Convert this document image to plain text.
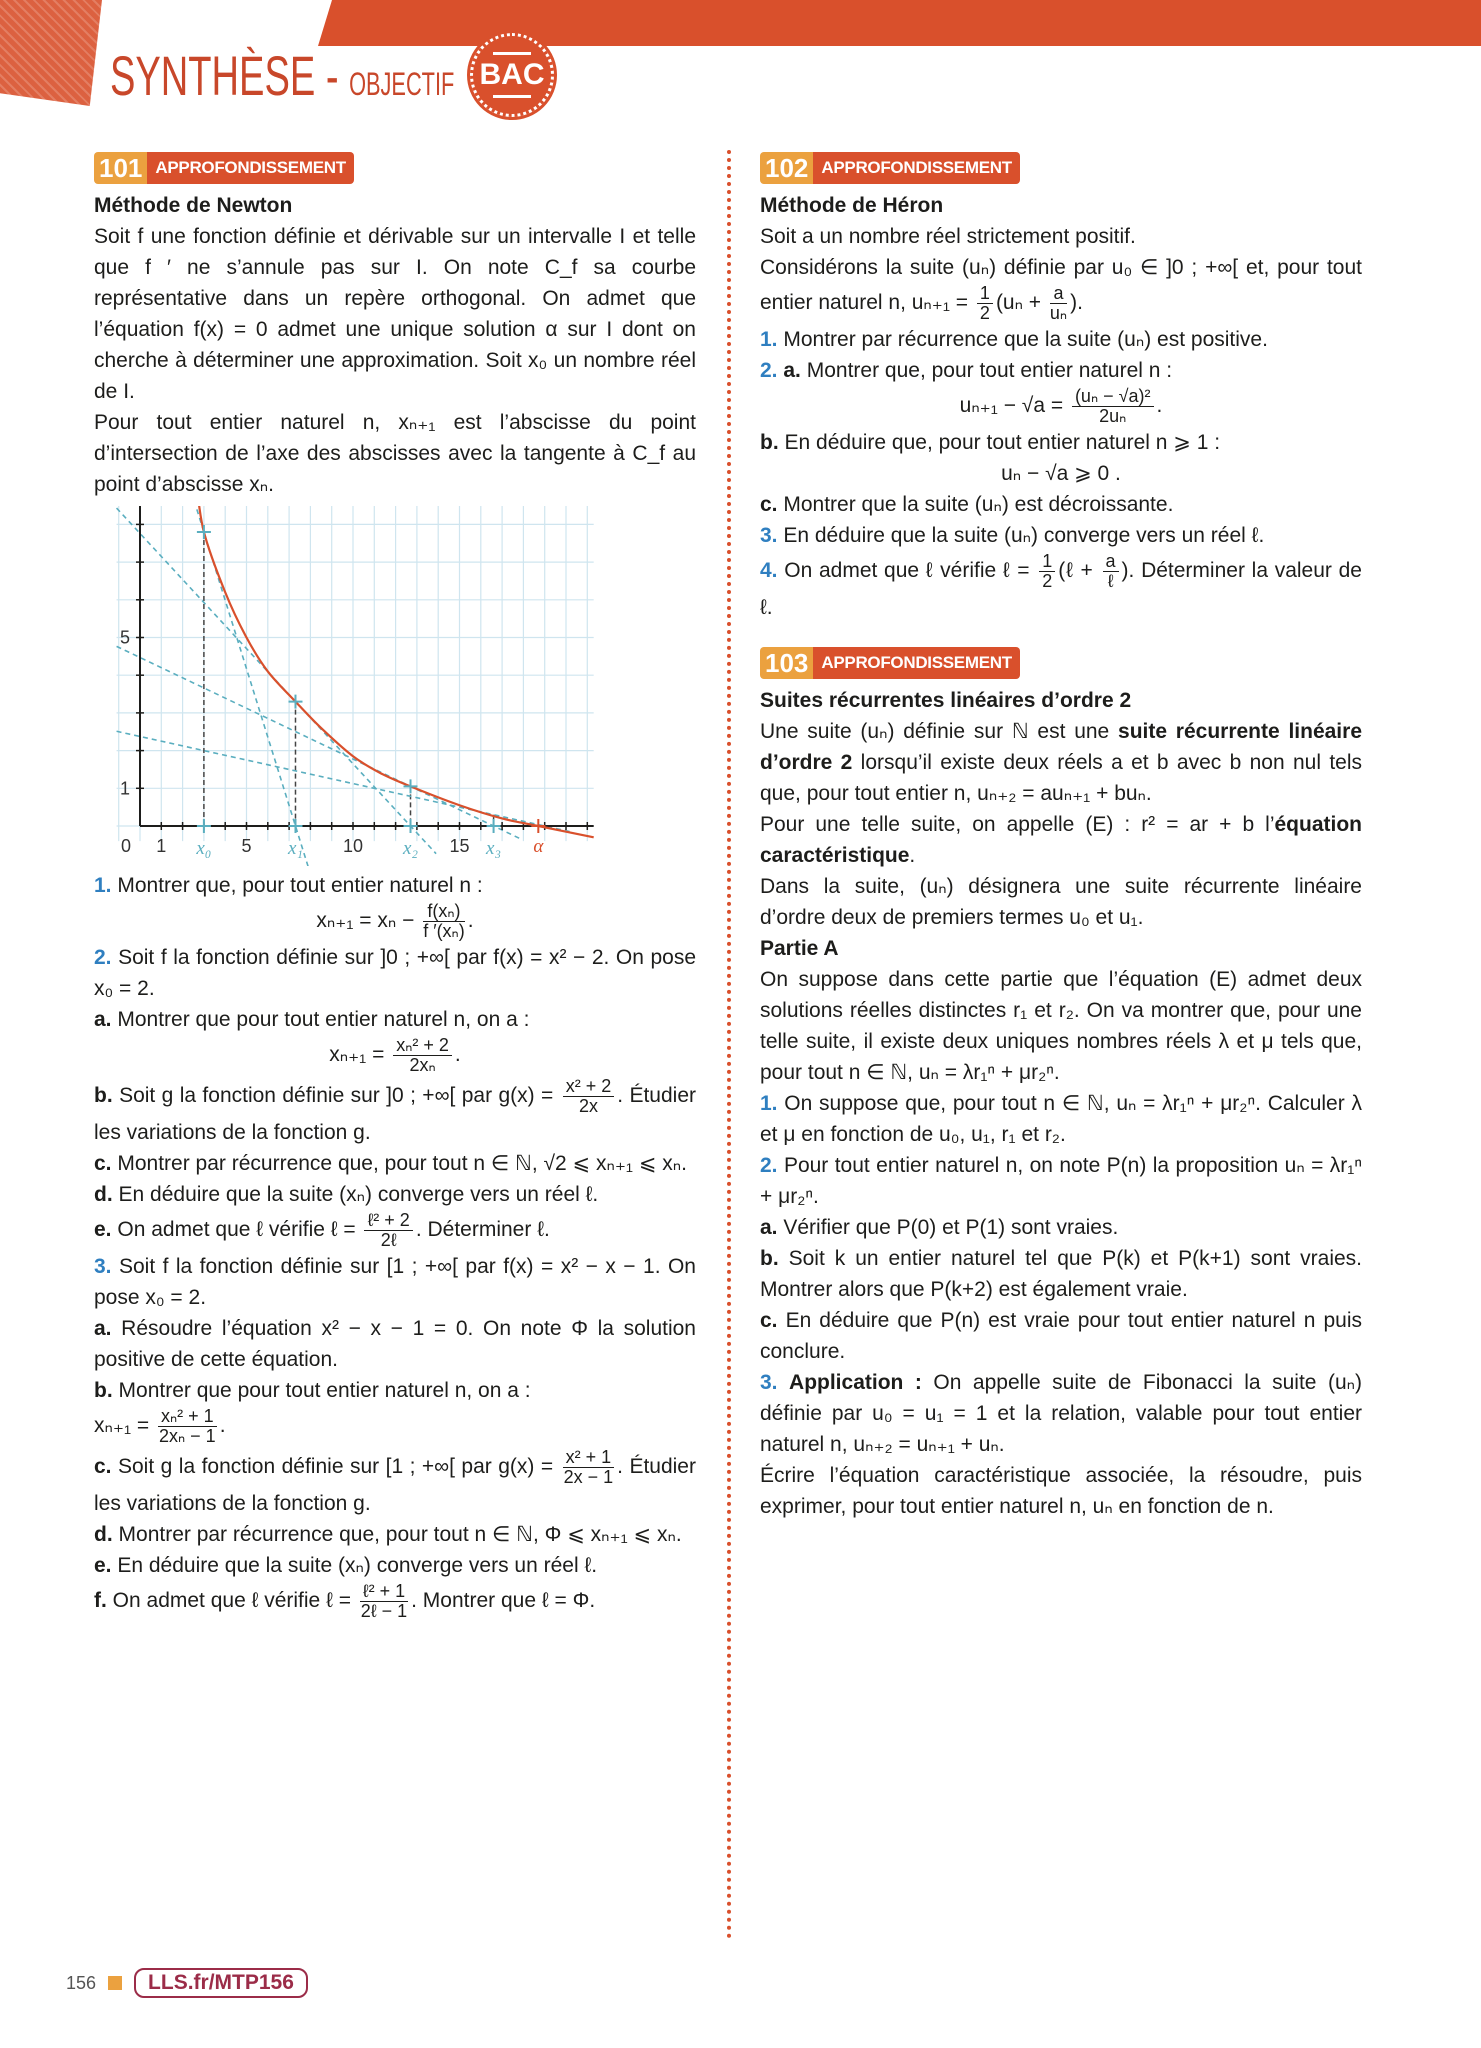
SYNTHÈSE - OBJECTIF BAC
101 APPROFONDISSEMENT
Méthode de Newton
Soit f une fonction définie et dérivable sur un intervalle I et telle que f ′ ne s’annule pas sur I. On note C_f sa courbe représentative dans un repère orthogonal. On admet que l’équation f(x) = 0 admet une unique solution α sur I dont on cherche à déterminer une approximation. Soit x₀ un nombre réel de I.
Pour tout entier naturel n, xₙ₊₁ est l’abscisse du point d’intersection de l’axe des abscisses avec la tangente à C_f au point d’abscisse xₙ.
x₀	x₁	x₂	x₃ α
0 1	5	10	15
1
5
1. Montrer que, pour tout entier naturel n :
$x_{n+1} = x_n - \frac{\text{f(xₙ)}}{\text{f ′(xₙ)}}$ .
2. Soit f la fonction définie sur ]0 ; +∞[ par f(x) = x² − 2. On pose x₀ = 2.
a. Montrer que pour tout entier naturel n, on a :
$x_{n+1} = \frac{\text{xₙ² + 2}}{\text{2xₙ}}$ .
b. Soit g la fonction définie sur ]0 ; +∞[ par $g(x) = \frac{\text{x² + 2}}{2x}$ . Étudier les variations de la fonction g.
c. Montrer par récurrence que, pour tout n ∈ ℕ, √2 ⩽ xₙ₊₁ ⩽ xₙ.
d. En déduire que la suite (xₙ) converge vers un réel ℓ.
e. On admet que ℓ vérifie ℓ = $\frac{\text{ℓ² + 2}}{\text{2ℓ}}$ . Déterminer ℓ.
3. Soit f la fonction définie sur [1 ; +∞[ par f(x) = x² − x − 1. On pose x₀ = 2.
a. Résoudre l’équation x² − x − 1 = 0. On note Φ la solution positive de cette équation.
b. Montrer que pour tout entier naturel n, on a :
$x_{n+1} = \frac{\text{xₙ² + 1}}{\text{2xₙ − 1}}$ .
c. Soit g la fonction définie sur [1 ; +∞[ par $g(x) = \frac{\text{x² + 1}}{2x - 1}$ . Étudier les variations de la fonction g.
d. Montrer par récurrence que, pour tout n ∈ ℕ, Φ ⩽ xₙ₊₁ ⩽ xₙ.
e. En déduire que la suite (xₙ) converge vers un réel ℓ.
f. On admet que ℓ vérifie ℓ = $\frac{\text{ℓ² + 1}}{\text{2ℓ − 1}}$ . Montrer que ℓ = Φ.
102 APPROFONDISSEMENT
Méthode de Héron
Soit a un nombre réel strictement positif.
Considérons la suite (uₙ) définie par u₀ ∈ ]0 ; +∞[ et, pour tout entier naturel n, $u_{n+1} = \frac{1}{2} (u_n + \frac{a}{\text{uₙ}}$ ).
1. Montrer par récurrence que la suite (uₙ) est positive.
2. a. Montrer que, pour tout entier naturel n :
$u_{n+1} - √a = \frac{\text{(uₙ − √a)²}}{\text{2uₙ}}$ .
b. En déduire que, pour tout entier naturel n ⩾ 1 :
uₙ − √a ⩾ 0 .
c. Montrer que la suite (uₙ) est décroissante.
3. En déduire que la suite (uₙ) converge vers un réel ℓ.
4. On admet que ℓ vérifie ℓ = $\frac{1}{2}$ (ℓ + $\frac{a}{\text{ℓ}}$ ). Déterminer la valeur de ℓ.
103 APPROFONDISSEMENT
Suites récurrentes linéaires d’ordre 2
Une suite (uₙ) définie sur ℕ est une suite récurrente linéaire d’ordre 2 lorsqu’il existe deux réels a et b avec b non nul tels que, pour tout entier n, uₙ₊₂ = auₙ₊₁ + buₙ.
Pour une telle suite, on appelle (E) : r² = ar + b l’équation caractéristique.
Dans la suite, (uₙ) désignera une suite récurrente linéaire d’ordre deux de premiers termes u₀ et u₁.
Partie A
On suppose dans cette partie que l’équation (E) admet deux solutions réelles distinctes r₁ et r₂. On va montrer que, pour une telle suite, il existe deux uniques nombres réels λ et μ tels que, pour tout n ∈ ℕ, uₙ = λr₁ⁿ + μr₂ⁿ.
1. On suppose que, pour tout n ∈ ℕ, uₙ = λr₁ⁿ + μr₂ⁿ. Calculer λ et μ en fonction de u₀, u₁, r₁ et r₂.
2. Pour tout entier naturel n, on note P(n) la proposition uₙ = λr₁ⁿ + μr₂ⁿ.
a. Vérifier que P(0) et P(1) sont vraies.
b. Soit k un entier naturel tel que P(k) et P(k+1) sont vraies. Montrer alors que P(k+2) est également vraie.
c. En déduire que P(n) est vraie pour tout entier naturel n puis conclure.
3. Application : On appelle suite de Fibonacci la suite (uₙ) définie par u₀ = u₁ = 1 et la relation, valable pour tout entier naturel n, uₙ₊₂ = uₙ₊₁ + uₙ.
Écrire l’équation caractéristique associée, la résoudre, puis exprimer, pour tout entier naturel n, uₙ en fonction de n.
156	LLS.fr/MTP156
